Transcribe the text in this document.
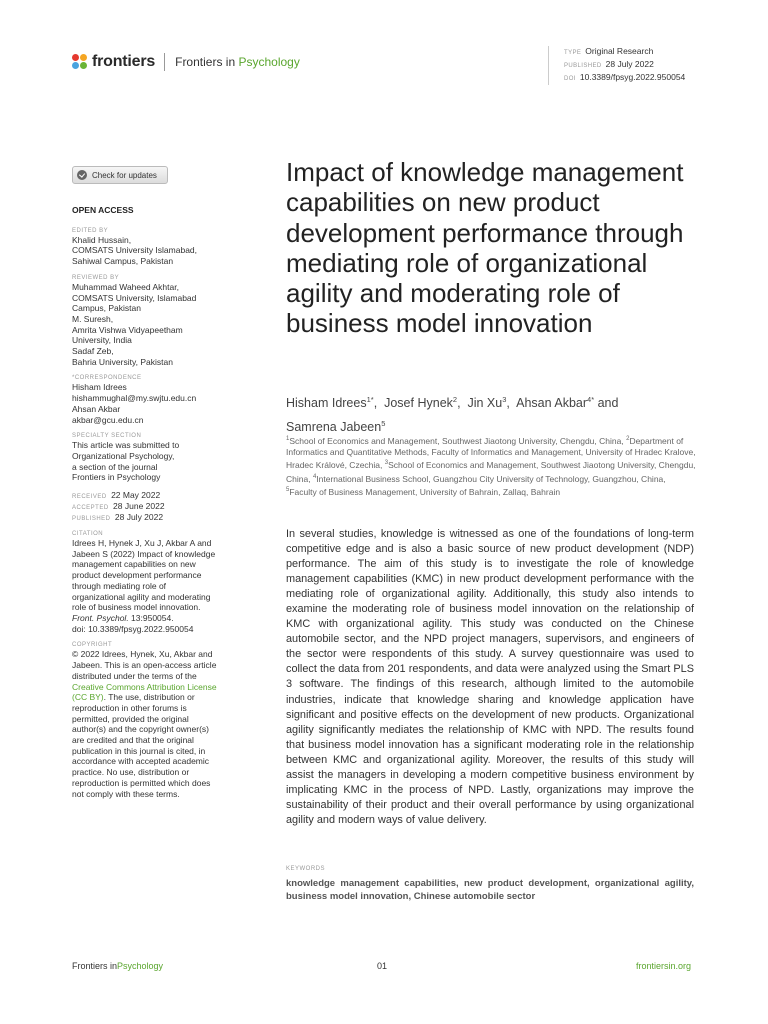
frontiers Frontiers in Psychology
TYPE Original Research
PUBLISHED 28 July 2022
DOI 10.3389/fpsyg.2022.950054
Check for updates
OPEN ACCESS
EDITED BY
Khalid Hussain,
COMSATS University Islamabad,
Sahiwal Campus, Pakistan
REVIEWED BY
Muhammad Waheed Akhtar,
COMSATS University, Islamabad
Campus, Pakistan
M. Suresh,
Amrita Vishwa Vidyapeetham
University, India
Sadaf Zeb,
Bahria University, Pakistan
*CORRESPONDENCE
Hisham Idrees
hishammughal@my.swjtu.edu.cn
Ahsan Akbar
akbar@gcu.edu.cn
SPECIALTY SECTION
This article was submitted to
Organizational Psychology,
a section of the journal
Frontiers in Psychology
RECEIVED 22 May 2022
ACCEPTED 28 June 2022
PUBLISHED 28 July 2022
CITATION
Idrees H, Hynek J, Xu J, Akbar A and
Jabeen S (2022) Impact of knowledge
management capabilities on new
product development performance
through mediating role of
organizational agility and moderating
role of business model innovation.
Front. Psychol. 13:950054.
doi: 10.3389/fpsyg.2022.950054
COPYRIGHT
© 2022 Idrees, Hynek, Xu, Akbar and
Jabeen. This is an open-access article
distributed under the terms of the
Creative Commons Attribution License
(CC BY). The use, distribution or
reproduction in other forums is
permitted, provided the original
author(s) and the copyright owner(s)
are credited and that the original
publication in this journal is cited, in
accordance with accepted academic
practice. No use, distribution or
reproduction is permitted which does
not comply with these terms.
Impact of knowledge management capabilities on new product development performance through mediating role of organizational agility and moderating role of business model innovation
Hisham Idrees$^{1*}$,  Josef Hynek$^2$,  Jin Xu$^3$,  Ahsan Akbar$^{4*}$ and
Samrena Jabeen$^5$
$^1$School of Economics and Management, Southwest Jiaotong University, Chengdu, China, $^2$Department of Informatics and Quantitative Methods, Faculty of Informatics and Management, University of Hradec Kralove, Hradec Králové, Czechia, $^3$School of Economics and Management, Southwest Jiaotong University, Chengdu, China, $^4$International Business School, Guangzhou City University of Technology, Guangzhou, China, $^5$Faculty of Business Management, University of Bahrain, Zallaq, Bahrain

In several studies, knowledge is witnessed as one of the foundations of long-term competitive edge and is also a basic source of new product development (NDP) performance. The aim of this study is to investigate the role of knowledge management capabilities (KMC) in new product development performance with the mediating role of organizational agility. Additionally, this study also intends to examine the moderating role of business model innovation on the relationship of KMC with organizational agility. This study was conducted on the Chinese automobile sector, and the NPD project managers, supervisors, and engineers of the sector were respondents of this study. A survey questionnaire was used to collect the data from 201 respondents, and data were analyzed using the Smart PLS 3 software. The findings of this research, although limited to the automobile industries, indicate that knowledge sharing and knowledge application have significant and positive effects on the development of new products. Organizational agility significantly mediates the relationship of KMC with NPD. The results found that business model innovation has a significant moderating role in the relationship between KMC and organizational agility. Moreover, the results of this study will assist the managers in developing a modern competitive business environment by implicating KMC in the process of NPD. Lastly, organizations may improve the sustainability of their product and their overall performance by using organizational agility and modern ways of value delivery.

KEYWORDS

knowledge management capabilities, new product development, organizational agility, business model innovation, Chinese automobile sector

Frontiers inPsychology	01	frontiersin.org
